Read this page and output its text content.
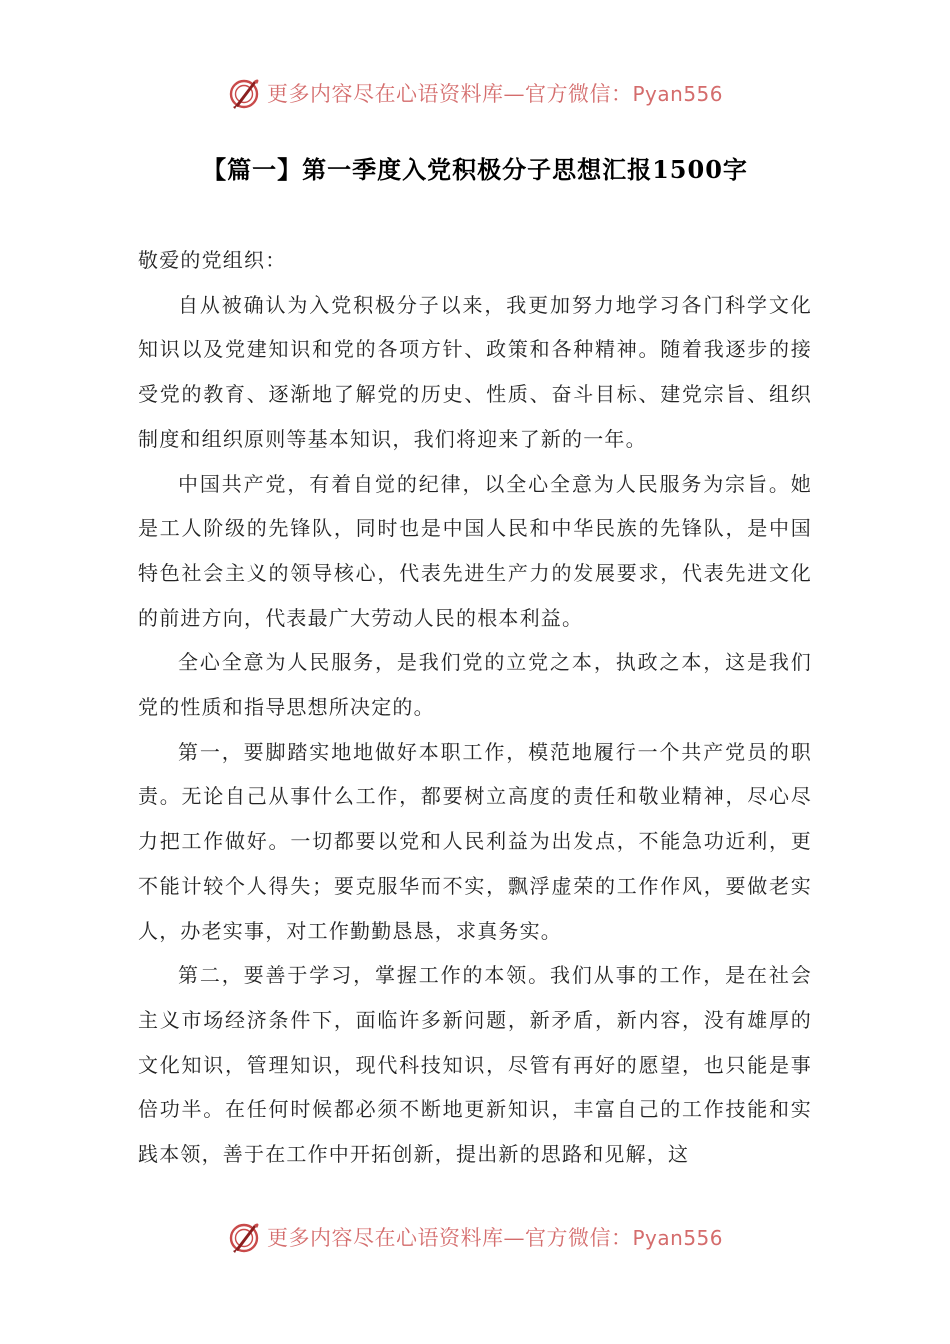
更多内容尽在心语资料库—官方微信：Pyan556
【篇一】第一季度入党积极分子思想汇报1500字

敬爱的党组织：

自从被确认为入党积极分子以来，我更加努力地学习各门科学文化知识以及党建知识和党的各项方针、政策和各种精神。随着我逐步的接受党的教育、逐渐地了解党的历史、性质、奋斗目标、建党宗旨、组织制度和组织原则等基本知识，我们将迎来了新的一年。

中国共产党，有着自觉的纪律，以全心全意为人民服务为宗旨。她是工人阶级的先锋队，同时也是中国人民和中华民族的先锋队，是中国特色社会主义的领导核心，代表先进生产力的发展要求，代表先进文化的前进方向，代表最广大劳动人民的根本利益。

全心全意为人民服务，是我们党的立党之本，执政之本，这是我们党的性质和指导思想所决定的。

第一，要脚踏实地地做好本职工作，模范地履行一个共产党员的职责。无论自己从事什么工作，都要树立高度的责任和敬业精神，尽心尽力把工作做好。一切都要以党和人民利益为出发点，不能急功近利，更不能计较个人得失；要克服华而不实，飘浮虚荣的工作作风，要做老实人，办老实事，对工作勤勤恳恳，求真务实。

第二，要善于学习，掌握工作的本领。我们从事的工作，是在社会主义市场经济条件下，面临许多新问题，新矛盾，新内容，没有雄厚的文化知识，管理知识，现代科技知识，尽管有再好的愿望，也只能是事倍功半。在任何时候都必须不断地更新知识，丰富自己的工作技能和实践本领，善于在工作中开拓创新，提出新的思路和见解，这

更多内容尽在心语资料库—官方微信：Pyan556
